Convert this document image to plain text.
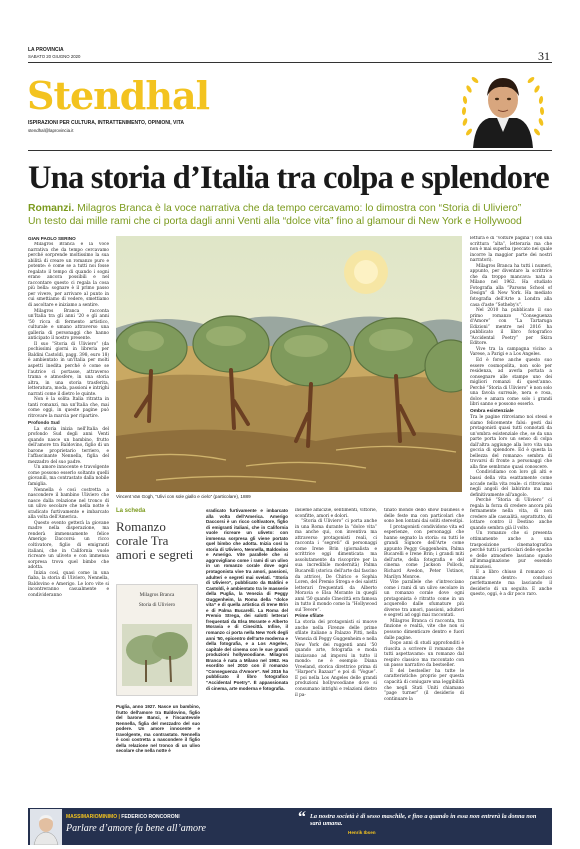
LA PROVINCIA
SABATO 20 GIUGNO 2020	31
Stendhal
ISPIRAZIONI PER CULTURA, INTRATTENIMENTO, OPINIONI, VITA
stendhal@laprovincia.it
Una storia d’Italia tra colpa e splendore
Romanzi. Milagros Branca è la voce narrativa che da tempo cercavamo: lo dimostra con “Storia di Ulivierο”
Un testo dai mille rami che ci porta dagli anni Venti alla “dolce vita” fino al glamour di New York e Hollywood
GIAN PAOLO SERINO

Milagros Branca è la voce narrativa che da tempo cercavamo perché sorprende moltissimo la sua abilità di creare un romanzo puro e potente: è come se a tutti noi fosse regalato il tempo di quando i sogni erano ancora possibili e nel raccontare questo ci regala la cosa più bella: sognare è il primo passo per vivere, per arrivare al punto in cui smettiamo di vedere, smettiamo di ascoltare e iniziamo a sentire.

Milagros Branca racconta un'Italia tra gli anni '20 e gli anni '50 ricca di fermento artistico, culturale e umano attraverso una galleria di personaggi che hanno anticipato il nostro presente.

Il suo “Storia di Ulivierο” (da pochissimi giorni in libreria per Baldini Castoldi, pagg. 398, euro 18) è ambientato in un'Italia per molti aspetti inedita perché è come se l'autrice ci portasse, attraverso trama e atmosfere, in una storia altra, in una storia trasferita, letteratura, moda, passioni e intrighi narrati come il dietro le quinte.

Non è la solita Italia ritratta in tanti romanzi, ma un'Italia che, mai come oggi, in queste pagine può ritrovare la marcia per ripartire.

Profondo Sud

La storia inizia nell'Italia del profondo Sud degli anni Venti quando nasce un bambino, frutto dell'amore tra Baldovino, figlio di un barone proprietario terriero, e l'affascinante Nennella, figlia del mezzadro del suo padre.

Un amore innocente e travolgente come possono esserlo soltanto quelli giovanili, ma contrastato dalla nobile famiglia.

Nennella è così costretta a nascondere il bambino Ulivierο che nasce dalla relazione nel tronco di un ulivo secolare che nella notte è sradicato furtivamente e imbarcato alla volta dell'America.

Questo evento getterà la giovane madre nella disperazione, ma renderà immensamente felice Amerigo Daccorsi: un ricco coltivatore, figlio di emigranti italiani, che in California vuole ricreare un uliveto e con immensa sorpresa trova quel bimbo che adotta.

Inizia così, quasi come in una fiaba, la storia di Ulivierο, Nennella, Baldovino e Amerigo. Le loro vite si incontreranno casualmente e condivideranno

Vincent Van Gogh, “Ulivi con sole giallo e cielo” (particolare), 1889

lettura e di “volture pagina”) con una scrittura “alta”, letteraria ma che non è mai superba (peccato nei quale incorre la maggior parte dei nostri narratori).

Milagros Branca ha tutti i numeri, appunto, per diventare la scrittrice che da troppo mancava: nata a Milano nel 1962. Ha studiato Fotografia alla “Parsons School of Design” di New York. Ha mediato fotografia dell'Arte a Londra alla casa d'aste “Sotheby's”.

Nel 2010 ha pubblicato il suo primo romanzo “Conseguenza d'Amore” con “La Tartaruga Edizioni” mentre nel 2016 ha pubblicato il libro fotografico “Accidental Poetry” per Skira Editore.

Vive tra la campagna vicino a Varese, a Parigi e a Los Angeles.

Ed è forse anche questo suo essere cosmopolita, non solo per residenza, ad averla portata a consegnare alle stampe uno dei migliori romanzi di quest'anno. Perché “Storia di Ulivierο” è non solo una favola surreale, nera e rosa, dolce e amara come solo i grandi libri sanno e possono esserlo.

Ombra esistenziale

Tra le pagine ritroviamo noi stessi e siamo felicemente falsi: gesti dai protagonisti quasi tutti connotati da un'ombra esistenziale che, se da una parte porta loro un senso di colpa dall'altra aggiunge alla loro vita una goccia di splendore. Ed è questa la bellezza del romanzo: sembra di trovarsi di fronte a personaggi che alla fine sembrano quasi conoscere.

Condividiamo con loro gli alti e bassi della vita esattamente come accade nella vita reale: ci ritroviamo negli angoli del labirinto ma mai definitivamente all'angolo.

Perché “Storia di Ulivierο” ci regala la forza di credere ancora più fermamente nella vita, di non credere alle casualità, soprattutto, di lottare contro il Destino anche quando sembra già il volto.

Un romanzo che si presenta ottimamente anche a una trasposizione cinematografica perché tutti i particolari delle epoche e delle atmosfere lasciano spazio all'immaginazione pur essendo minuziosi.

E a libro chiuso il romanzo ci rimane dentro: concluso perfettamente ma lasciando il desiderio di un seguito. E anche questo, oggi, è a dir poco raro.

La scheda
Romanzo corale Tra amori e segreti
Milagros Branca
Storia di Ulivierο
Puglia, anno 1927. Nasce un bambino, frutto dell'amore tra Baldovino, figlio del barone Banci, e l'incantevole Nennella, figlia del mezzadro del suo podere. Un amore innocente e travolgente, ma contrastato. Nennella è così costretta a nascondere il figlio della relazione nel tronco di un ulivo secolare che nella notte è
sradicato furtivamente e imbarcato alla volta dell'America. Amerigo Daccorsi è un ricco coltivatore, figlio di emigranti italiani, che in California vuole ricreare un uliveto: con immensa sorpresa gli viene portato quel bimbo che adotta. Inizia così la storia di Ulivierο, Nennella, Baldovino e Amerigo. Vite parallele che si aggrovigliano come i rami di un ulivo in un romanzo corale dove ogni protagonista vive tra amori, passioni, adulteri e segreti mai svelati. “Storia di Ulivierο”, pubblicato da Baldini e Castoldi, è ambientato tra le masserie della Puglia, la Venezia di Peggy Guggenheim, la Roma della “dolce vita” e di quella artistica di Irene Brin e di Palma Bucarelli. La Roma del Premio Strega, dei salotti letterari frequentati da Elsa Morante e Alberto Moravia e di Cinecittà. Infine, il romanzo ci porta nella New York degli anni '50, epicentro dell'arte moderna e della fotografia, e a Los Angeles, capitale del cinema con le sue grandi produzioni hollywoodiane. Milagros Branca è nata a Milano nel 1962. Ha esordito nel 2010 con il romanzo “Conseguenza d'Amore”. Nel 2016 ha pubblicato il libro fotografico “Accidental Poetry”. È appassionata di cinema, arte moderna e fotografia.

insieme amicizie, sentimenti, vittorie, sconfitte, amori e dolori.

“Storia di Ulivierο” ci porta anche in una Roma durante la “dolce vita” ma anche qui, con inventiva ma attraverso protagonisti reali, ci racconta i “segreti” di personaggi come Irene Brin (giornalista e scrittrice oggi dimenticata ma assolutamente da riscoprire per la sua incredibile modernità) Palma Bucarelli (storica dell'arte dal fascino da attrice), De Chirico e Sophia Loren, del Premio Strega e dei salotti letterari frequentati da Alberto Moravia e Elsa Morante in quegli anni '50 quando Cinecittà era famosa in tutto il mondo come la “Hollywood sul Tevere”.

Prime sfilate

La storia dei protagonisti si muove anche nella Firenze delle prime sfilate italiane a Palazzo Pitti, nella Venezia di Peggy Guggenheim e nella New York dei ruggenti anni '50 quando arte, fotografia e moda iniziavano ad imporsi in tutto il mondo: ne è esempio Diana Vreeland, storica direttrice prima di “Harper's Bazaar” e poi di “Vogue”. E poi nella Los Angeles delle grandi produzioni hollywoodiane dove si consumano intrighi e relazioni dietro il pa-

tinato mondo dello show business e delle feste ma con particolari che sono ben lontani dai soliti stereotipi.

I protagonisti condividono vita ed esperienze, con personaggi che hanno segnato la storia: su tutti le grandi Signore dell'Arte come appunto Peggy Guggenheim, Palma Bucarelli e Irene Brin; i grandi miti dell'arte, della fotografia e del cinema come Jackson Pollock, Richard Avedon, Peter Ustinov, Marilyn Monroe.

Vite parallele che s'intrecciano come i rami di un ulivo secolare in un romanzo corale dove ogni protagonista è ritratto come in un acquerello dalle sfumature più diverse tra amori, passioni, adulteri e segreti ad oggi mai raccontati.

Milagros Branca ci racconta, tra finzione e realtà, vite che non si possono dimenticare dentro e fuori dalle pagine.

Dopo anni di studi approfonditi è riuscita a scrivere il romanzo che tutti aspettavamo: un romanzo dal respiro classico ma raccontato con un passo narrativo da bestseller.

È del bestseller ha tutte le caratteristiche: proprio per questa capacità di coniugare una leggibilità che negli Stati Uniti chiamano “page turner” (il desiderio di continuare la

MASSIMARIOMINIMO | FEDERICO RONCORONI
Parlare d’amore fa bene all’amore
“ La nostra società è di sesso maschile, e fino a quando in essa non entrerà la donna non sarà umana.
Henrik Ibsen
